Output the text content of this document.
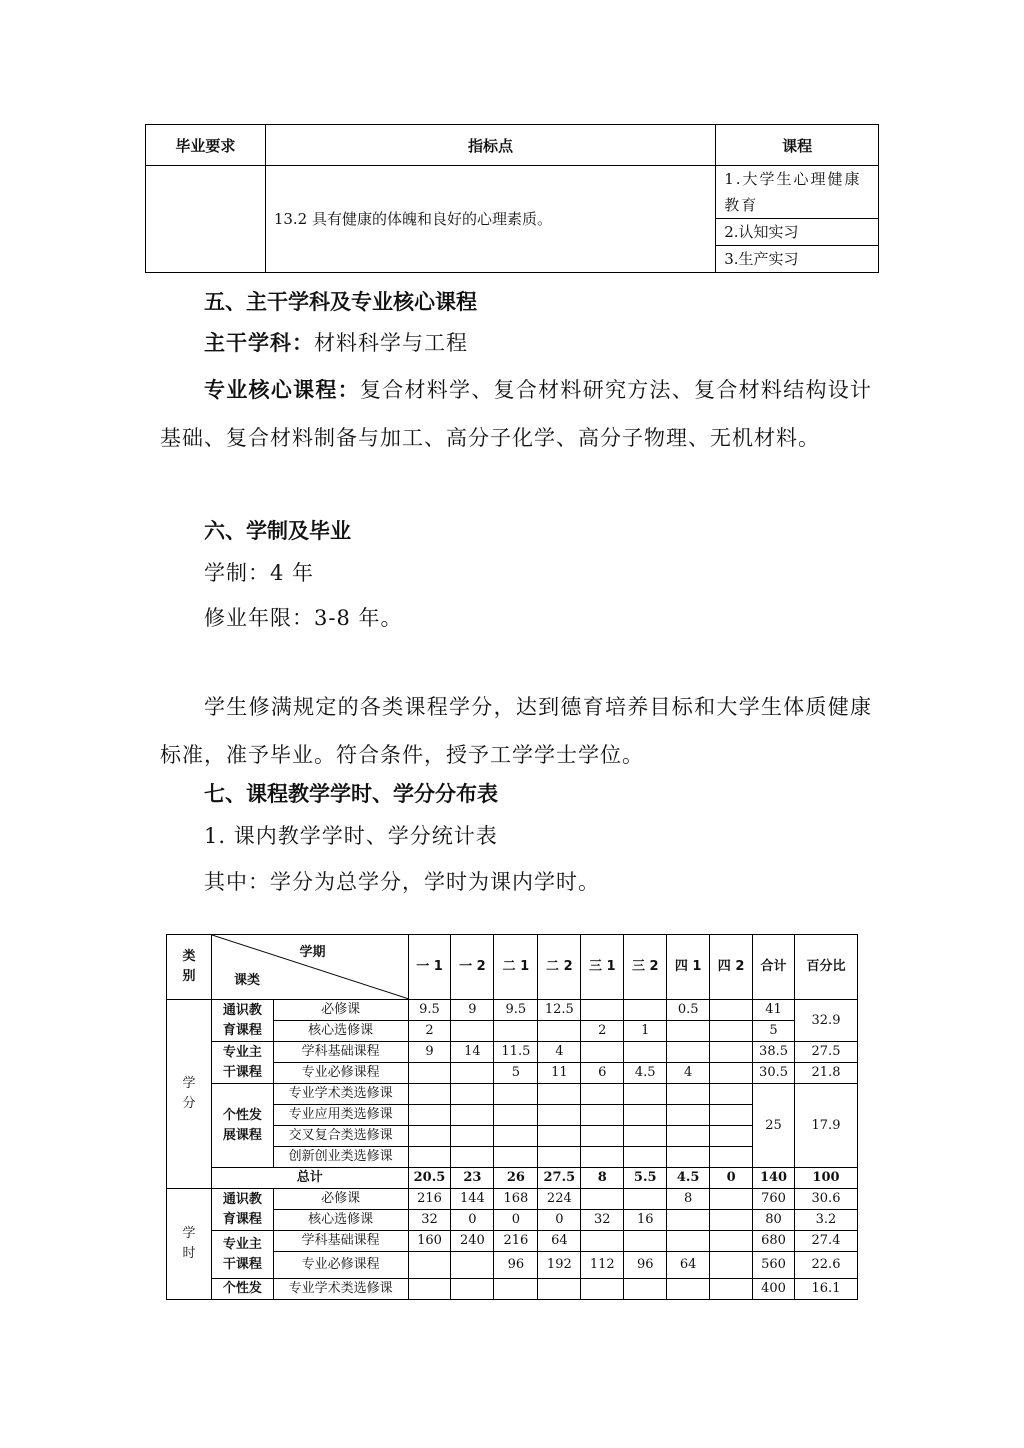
毕业要求	指标点	课程
	13.2 具有健康的体魄和良好的心理素质。	1.大学生心理健康教育
		2.认知实习
		3.生产实习
五、主干学科及专业核心课程
主干学科：材料科学与工程
专业核心课程：复合材料学、复合材料研究方法、复合材料结构设计基础、复合材料制备与加工、高分子化学、高分子物理、无机材料。
六、学制及毕业
学制：4 年
修业年限：3-8 年。
学生修满规定的各类课程学分，达到德育培养目标和大学生体质健康标准，准予毕业。符合条件，授予工学学士学位。
七、课程教学学时、学分分布表
1. 课内教学学时、学分统计表
其中：学分为总学分，学时为课内学时。
类别	学期
课类		一 1	一 2	二 1	二 2	三 1	三 2	四 1	四 2	合计	百分比
学分	通识教育课程	必修课	9.5	9	9.5	12.5			0.5		41	32.9
		核心选修课	2				2	1			5	
	专业主干课程	学科基础课程	9	14	11.5	4					38.5	27.5
		专业必修课程			5	11	6	4.5	4		30.5	21.8
	个性发展课程	专业学术类选修课									25	17.9
		专业应用类选修课										
		交叉复合类选修课										
		创新创业类选修课										
	总计		20.5	23	26	27.5	8	5.5	4.5	0	140	100
学时	通识教育课程	必修课	216	144	168	224			8		760	30.6
		核心选修课	32	0	0	0	32	16			80	3.2
	专业主干课程	学科基础课程	160	240	216	64					680	27.4
		专业必修课程			96	192	112	96	64		560	22.6
	个性发	专业学术类选修课									400	16.1
